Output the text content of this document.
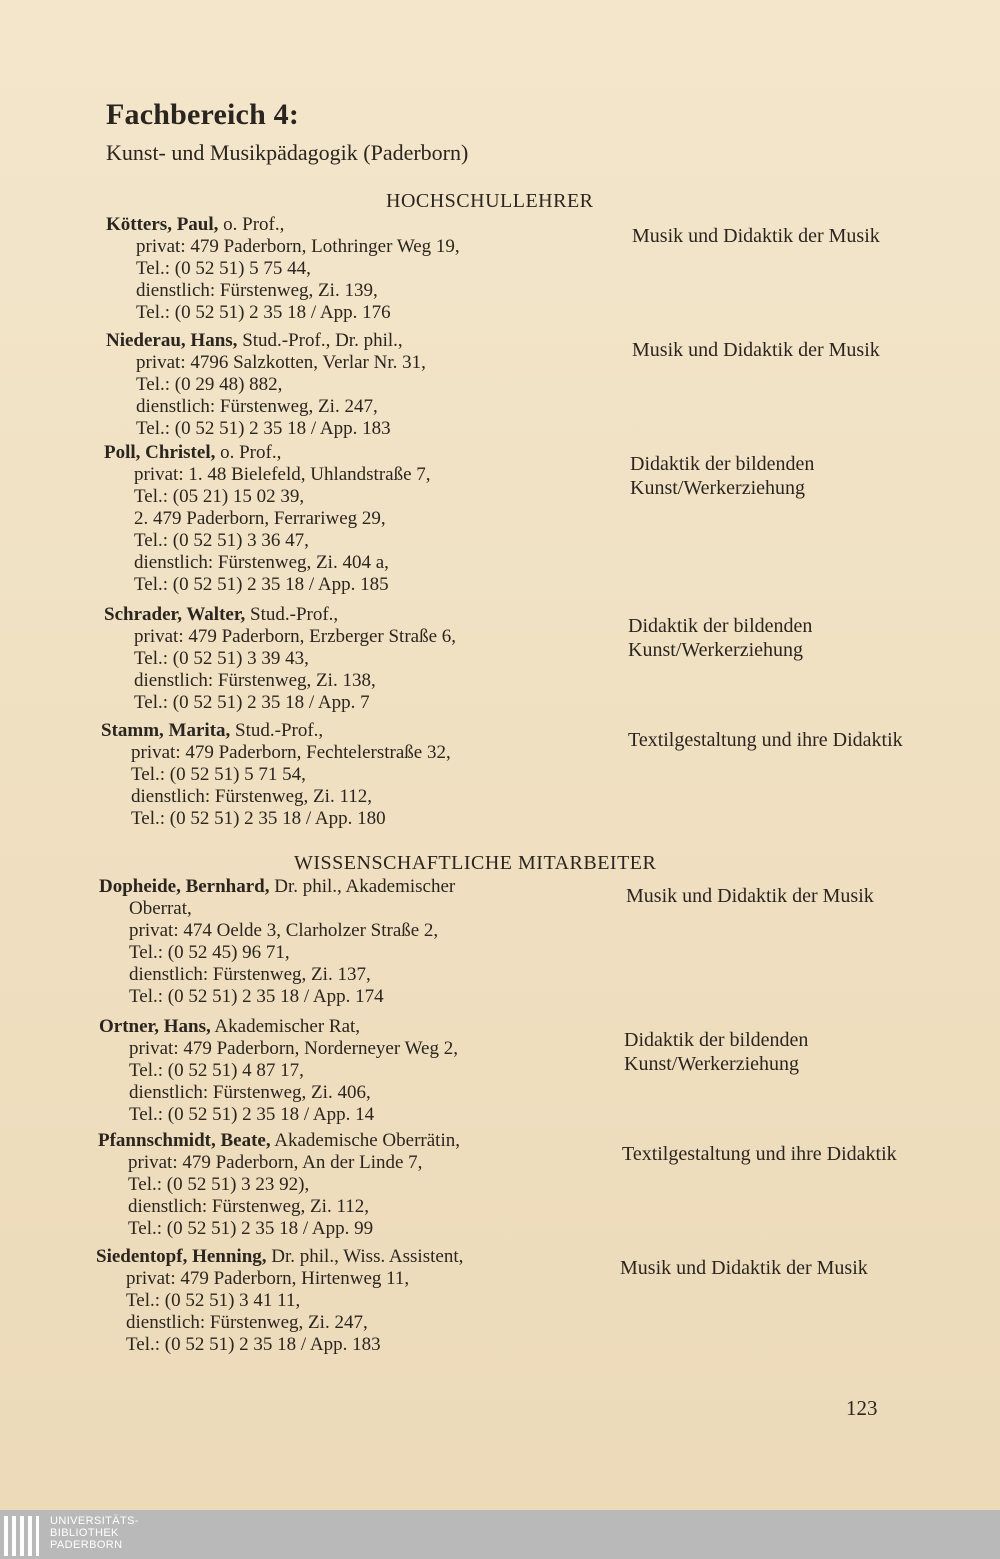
Fachbereich 4:
Kunst- und Musikpädagogik (Paderborn)
HOCHSCHULLEHRER
Kötters, Paul, o. Prof.,
privat: 479 Paderborn, Lothringer Weg 19,
Tel.: (0 52 51) 5 75 44,
dienstlich: Fürstenweg, Zi. 139,
Tel.: (0 52 51) 2 35 18 / App. 176
Musik und Didaktik der Musik
Niederau, Hans, Stud.-Prof., Dr. phil.,
privat: 4796 Salzkotten, Verlar Nr. 31,
Tel.: (0 29 48) 882,
dienstlich: Fürstenweg, Zi. 247,
Tel.: (0 52 51) 2 35 18 / App. 183
Musik und Didaktik der Musik
Poll, Christel, o. Prof.,
privat: 1. 48 Bielefeld, Uhlandstraße 7,
Tel.: (05 21) 15 02 39,
2. 479 Paderborn, Ferrariweg 29,
Tel.: (0 52 51) 3 36 47,
dienstlich: Fürstenweg, Zi. 404 a,
Tel.: (0 52 51) 2 35 18 / App. 185
Didaktik der bildenden Kunst/Werkerziehung
Schrader, Walter, Stud.-Prof.,
privat: 479 Paderborn, Erzberger Straße 6,
Tel.: (0 52 51) 3 39 43,
dienstlich: Fürstenweg, Zi. 138,
Tel.: (0 52 51) 2 35 18 / App. 7
Didaktik der bildenden Kunst/Werkerziehung
Stamm, Marita, Stud.-Prof.,
privat: 479 Paderborn, Fechtelerstraße 32,
Tel.: (0 52 51) 5 71 54,
dienstlich: Fürstenweg, Zi. 112,
Tel.: (0 52 51) 2 35 18 / App. 180
Textilgestaltung und ihre Didaktik
WISSENSCHAFTLICHE MITARBEITER
Dopheide, Bernhard, Dr. phil., Akademischer
Oberrat,
privat: 474 Oelde 3, Clarholzer Straße 2,
Tel.: (0 52 45) 96 71,
dienstlich: Fürstenweg, Zi. 137,
Tel.: (0 52 51) 2 35 18 / App. 174
Musik und Didaktik der Musik
Ortner, Hans, Akademischer Rat,
privat: 479 Paderborn, Norderneyer Weg 2,
Tel.: (0 52 51) 4 87 17,
dienstlich: Fürstenweg, Zi. 406,
Tel.: (0 52 51) 2 35 18 / App. 14
Didaktik der bildenden Kunst/Werkerziehung
Pfannschmidt, Beate, Akademische Oberrätin,
privat: 479 Paderborn, An der Linde 7,
Tel.: (0 52 51) 3 23 92),
dienstlich: Fürstenweg, Zi. 112,
Tel.: (0 52 51) 2 35 18 / App. 99
Textilgestaltung und ihre Didaktik
Siedentopf, Henning, Dr. phil., Wiss. Assistent,
privat: 479 Paderborn, Hirtenweg 11,
Tel.: (0 52 51) 3 41 11,
dienstlich: Fürstenweg, Zi. 247,
Tel.: (0 52 51) 2 35 18 / App. 183
Musik und Didaktik der Musik
123
UNIVERSITÄTS-
BIBLIOTHEK
PADERBORN
